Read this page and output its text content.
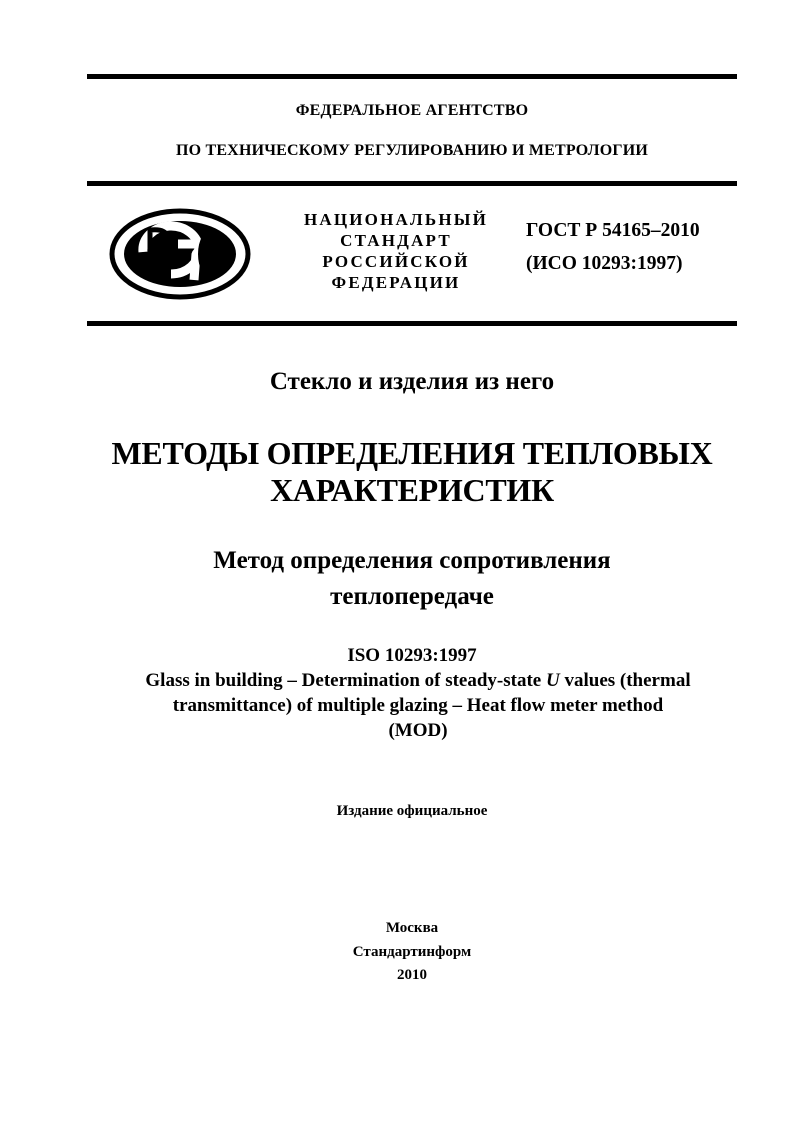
ФЕДЕРАЛЬНОЕ АГЕНТСТВО
ПО ТЕХНИЧЕСКОМУ РЕГУЛИРОВАНИЮ И МЕТРОЛОГИИ
НАЦИОНАЛЬНЫЙ
СТАНДАРТ
РОССИЙСКОЙ
ФЕДЕРАЦИИ
ГОСТ Р 54165–2010
(ИСО 10293:1997)
Стекло и изделия из него
МЕТОДЫ ОПРЕДЕЛЕНИЯ ТЕПЛОВЫХ
ХАРАКТЕРИСТИК
Метод определения сопротивления
теплопередаче
ISO 10293:1997
Glass in building – Determination of steady-state U values (thermal transmittance) of multiple glazing – Heat flow meter method
(MOD)
Издание официальное
Москва
Стандартинформ
2010
